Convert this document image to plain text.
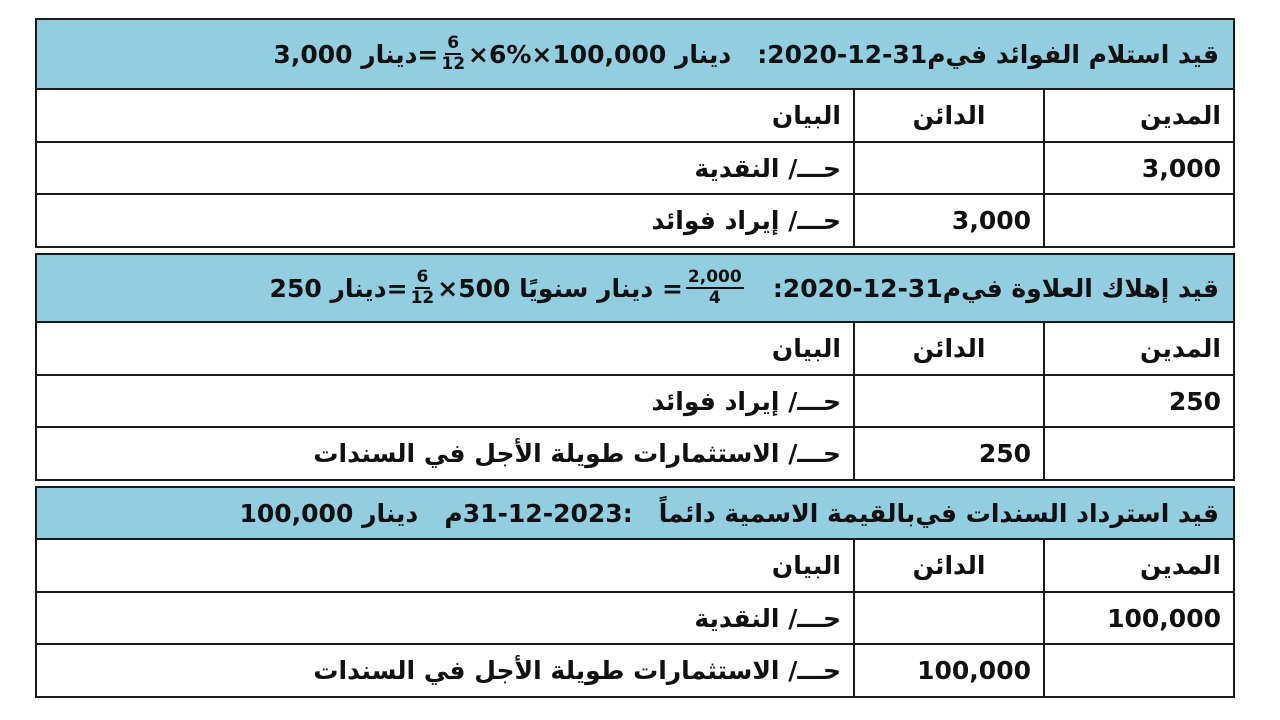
3,000 دينار = $\frac{6}{12} \times 6\%\times 100,000$ دينار :2020-12-31م قيد استلام الفوائد في
البيان	الدائن	المدين
حـــ/ النقدية		3,000
حـــ/ إيراد فوائد	3,000	
250 دينار = $\frac{6}{12} \times 500$ دينار سنويًا = $\frac{2,000}{4}$ :2020-12-31م قيد إهلاك العلاوة في
البيان	الدائن	المدين
حـــ/ إيراد فوائد		250
حـــ/ الاستثمارات طويلة الأجل في السندات	250	
100,000 دينار بالقيمة الاسمية دائماً   :2023-12-31م قيد استرداد السندات في
البيان	الدائن	المدين
حـــ/ النقدية		100,000
حـــ/ الاستثمارات طويلة الأجل في السندات	100,000	
